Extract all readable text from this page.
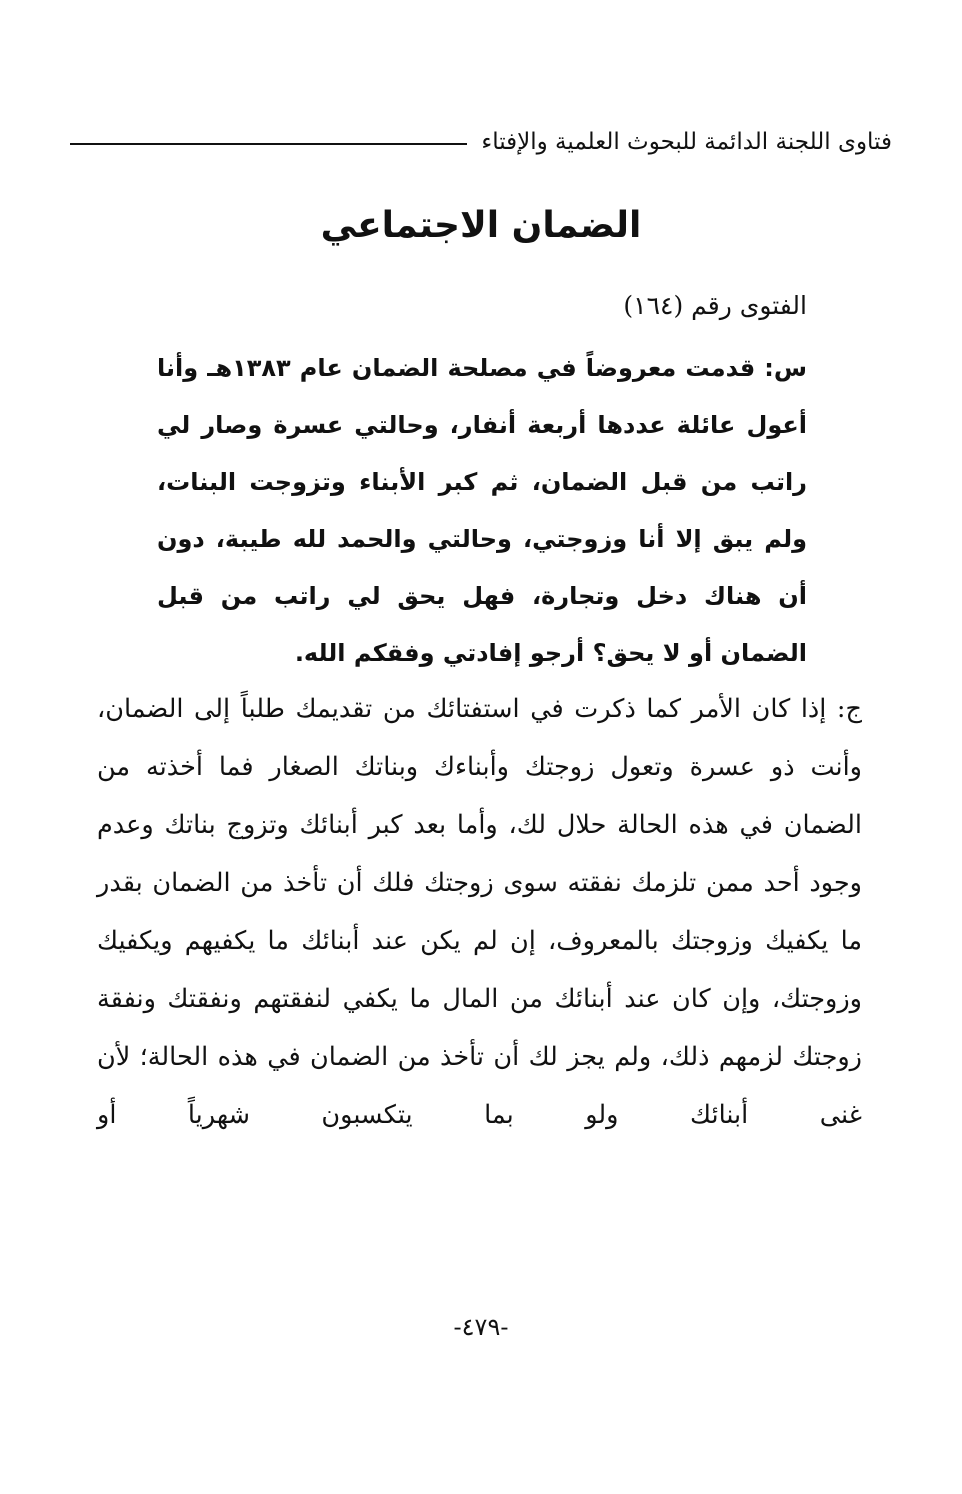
فتاوى اللجنة الدائمة للبحوث العلمية والإفتاء
الضمان الاجتماعي
الفتوى رقم (١٦٤)

س: قدمت معروضاً في مصلحة الضمان عام ١٣٨٣هـ وأنا أعول عائلة عددها أربعة أنفار، وحالتي عسرة وصار لي راتب من قبل الضمان، ثم كبر الأبناء وتزوجت البنات، ولم يبق إلا أنا وزوجتي، وحالتي والحمد لله طيبة، دون أن هناك دخل وتجارة، فهل يحق لي راتب من قبل الضمان أو لا يحق؟ أرجو إفادتي وفقكم الله.

ج: إذا كان الأمر كما ذكرت في استفتائك من تقديمك طلباً إلى الضمان، وأنت ذو عسرة وتعول زوجتك وأبناءك وبناتك الصغار فما أخذته من الضمان في هذه الحالة حلال لك، وأما بعد كبر أبنائك وتزوج بناتك وعدم وجود أحد ممن تلزمك نفقته سوى زوجتك فلك أن تأخذ من الضمان بقدر ما يكفيك وزوجتك بالمعروف، إن لم يكن عند أبنائك ما يكفيهم ويكفيك وزوجتك، وإن كان عند أبنائك من المال ما يكفي لنفقتهم ونفقتك ونفقة زوجتك لزمهم ذلك، ولم يجز لك أن تأخذ من الضمان في هذه الحالة؛ لأن غنى أبنائك ولو بما يتكسبون شهرياً أو

-٤٧٩-
